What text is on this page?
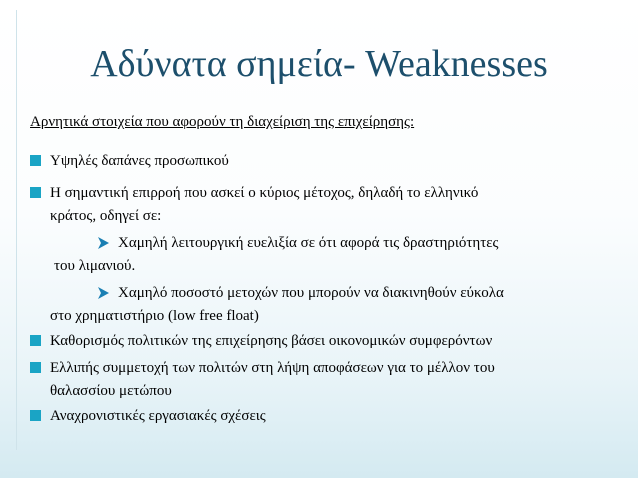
Αδύνατα σημεία- Weaknesses
Αρνητικά στοιχεία που αφορούν τη διαχείριση της επιχείρησης:
Υψηλές δαπάνες προσωπικού
Η σημαντική επιρροή που ασκεί ο κύριος μέτοχος, δηλαδή το ελληνικό
κράτος, οδηγεί σε:
Χαμηλή λειτουργική ευελιξία σε ότι αφορά τις δραστηριότητες
του λιμανιού.
Χαμηλό ποσοστό μετοχών που μπορούν να διακινηθούν εύκολα
στο χρηματιστήριο (low free float)
Καθορισμός πολιτικών της επιχείρησης βάσει οικονομικών συμφερόντων
Ελλιπής συμμετοχή των πολιτών στη λήψη αποφάσεων για το μέλλον του
θαλασσίου μετώπου
Αναχρονιστικές εργασιακές σχέσεις
